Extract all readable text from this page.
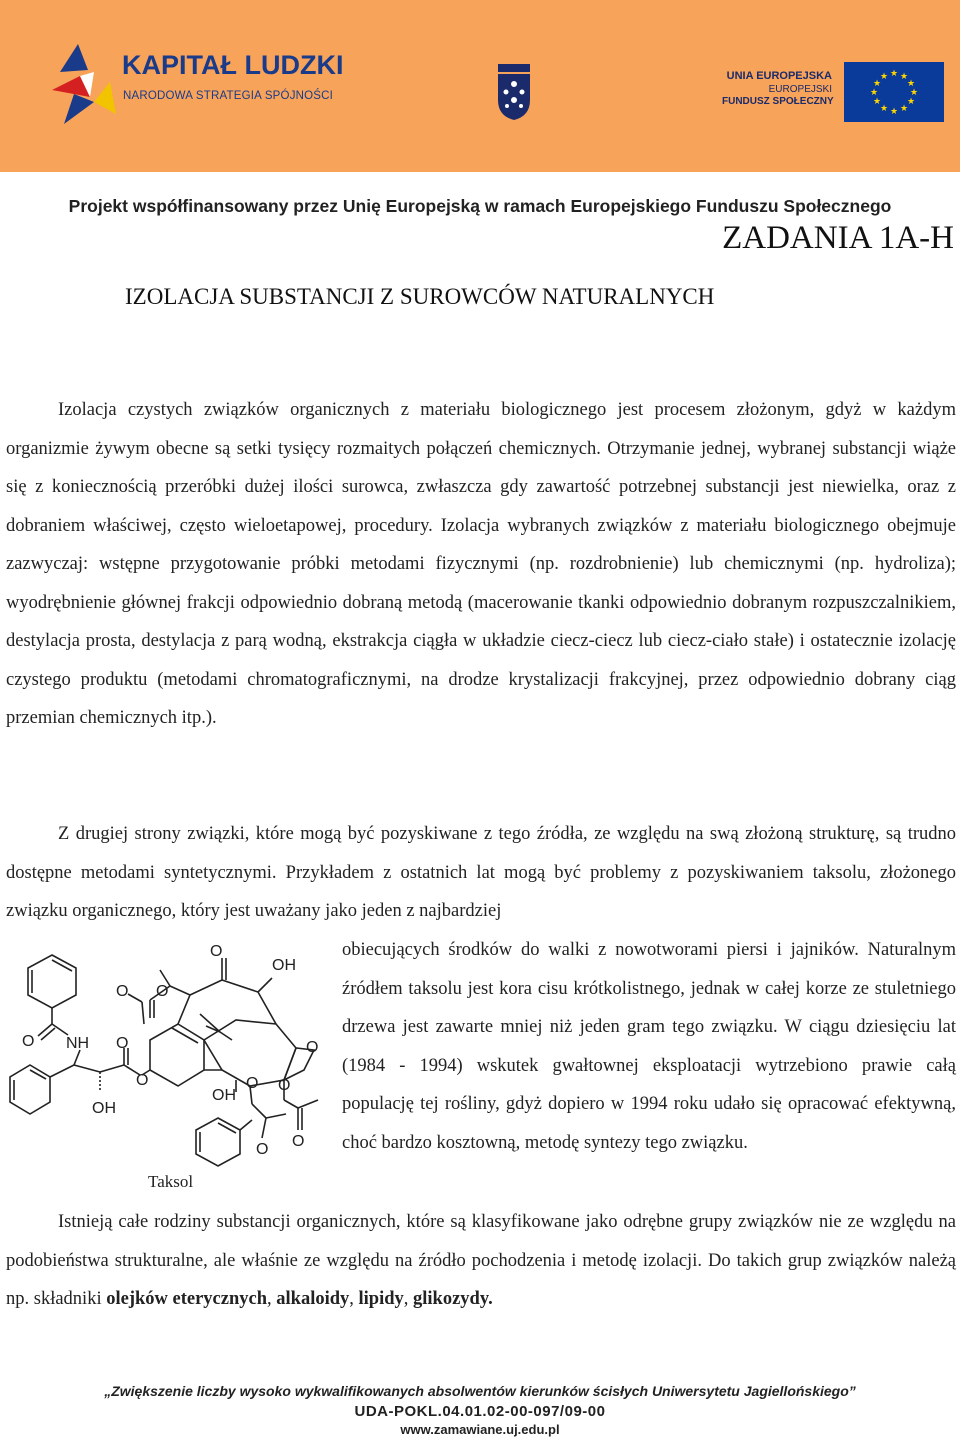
KAPITAŁ LUDZKI
NARODOWA STRATEGIA SPÓJNOŚCI
UNIA EUROPEJSKA
EUROPEJSKI
FUNDUSZ SPOŁECZNY
★ ★
★
★
★
★
★
★
★
★
★
★
Projekt współfinansowany przez Unię Europejską w ramach Europejskiego Funduszu Społecznego
ZADANIA 1A-H
IZOLACJA SUBSTANCJI Z SUROWCÓW NATURALNYCH

Izolacja czystych związków organicznych z materiału biologicznego jest procesem złożonym, gdyż w każdym organizmie żywym obecne są setki tysięcy rozmaitych połączeń chemicznych. Otrzymanie jednej, wybranej substancji wiąże się z koniecznością przeróbki dużej ilości surowca, zwłaszcza gdy zawartość potrzebnej substancji jest niewielka, oraz z dobraniem właściwej, często wieloetapowej, procedury. Izolacja wybranych związków z materiału biologicznego obejmuje zazwyczaj: wstępne przygotowanie próbki metodami fizycznymi (np. rozdrobnienie) lub chemicznymi (np. hydroliza); wyodrębnienie głównej frakcji odpowiednio dobraną metodą (macerowanie tkanki odpowiednio dobranym rozpuszczalnikiem, destylacja prosta, destylacja z parą wodną, ekstrakcja ciągła w układzie ciecz-ciecz lub ciecz-ciało stałe) i ostatecznie izolację czystego produktu (metodami chromatograficznymi, na drodze krystalizacji frakcyjnej, przez odpowiednio dobrany ciąg przemian chemicznych itp.).

Z drugiej strony związki, które mogą być pozyskiwane z tego źródła, ze względu na swą złożoną strukturę, są trudno dostępne metodami syntetycznymi. Przykładem z ostatnich lat mogą być problemy z pozyskiwaniem taksolu, złożonego związku organicznego, który jest uważany jako jeden z najbardziej

obiecujących środków do walki z nowotworami piersi i jajników. Naturalnym źródłem taksolu jest kora cisu krótkolistnego, jednak w całej korze ze stuletniego drzewa jest zawarte mniej niż jeden gram tego związku. W ciągu dziesięciu lat (1984 - 1994) wskutek gwałtownej eksploatacji wytrzebiono prawie całą populację tej rośliny, gdyż dopiero w 1994 roku udało się opracować efektywną, choć bardzo kosztowną, metodę syntezy tego związku.

O
OH
O O
O NH O
O
OH
OH
O O
O
O O
Taksol

Istnieją całe rodziny substancji organicznych, które są klasyfikowane jako odrębne grupy związków nie ze względu na podobieństwa strukturalne, ale właśnie ze względu na źródło pochodzenia i metodę izolacji. Do takich grup związków należą np. składniki olejków eterycznych, alkaloidy, lipidy, glikozydy.

„Zwiększenie liczby wysoko wykwalifikowanych absolwentów kierunków ścisłych Uniwersytetu Jagiellońskiego”
UDA-POKL.04.01.02-00-097/09-00
www.zamawiane.uj.edu.pl
